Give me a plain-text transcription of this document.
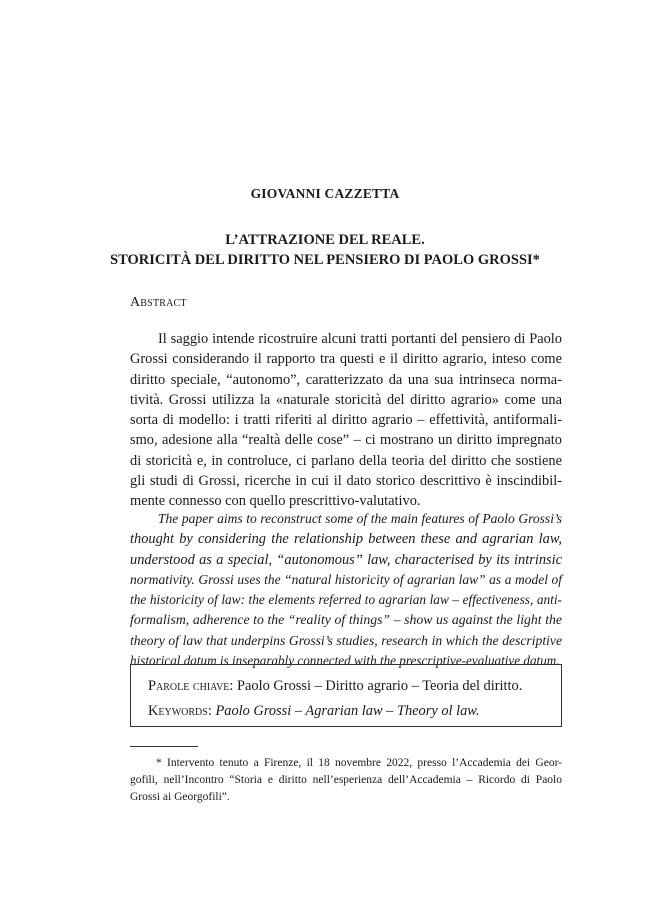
GIOVANNI CAZZETTA
L’ATTRAZIONE DEL REALE.
STORICITÀ DEL DIRITTO NEL PENSIERO DI PAOLO GROSSI*
Abstract
Il saggio intende ricostruire alcuni tratti portanti del pensiero di Paolo
Grossi considerando il rapporto tra questi e il diritto agrario, inteso come
diritto speciale, “autonomo”, caratterizzato da una sua intrinseca norma-
tività. Grossi utilizza la «naturale storicità del diritto agrario» come una
sorta di modello: i tratti riferiti al diritto agrario – effettività, antiformali-
smo, adesione alla “realtà delle cose” – ci mostrano un diritto impregnato
di storicità e, in controluce, ci parlano della teoria del diritto che sostiene
gli studi di Grossi, ricerche in cui il dato storico descrittivo è inscindibil-
mente connesso con quello prescrittivo-valutativo.
The paper aims to reconstruct some of the main features of Paolo Grossi’s
thought by considering the relationship between these and agrarian law,
understood as a special, “autonomous” law, characterised by its intrinsic
normativity. Grossi uses the “natural historicity of agrarian law” as a model of
the historicity of law: the elements referred to agrarian law – effectiveness, anti-
formalism, adherence to the “reality of things” – show us against the light the
theory of law that underpins Grossi’s studies, research in which the descriptive
historical datum is inseparably connected with the prescriptive-evaluative datum.
Parole chiave: Paolo Grossi – Diritto agrario – Teoria del diritto.
Keywords: Paolo Grossi – Agrarian law – Theory ol law.
* Intervento tenuto a Firenze, il 18 novembre 2022, presso l’Accademia dei Geor-
gofili, nell’Incontro “Storia e diritto nell’esperienza dell’Accademia – Ricordo di Paolo
Grossi ai Georgofili”.
